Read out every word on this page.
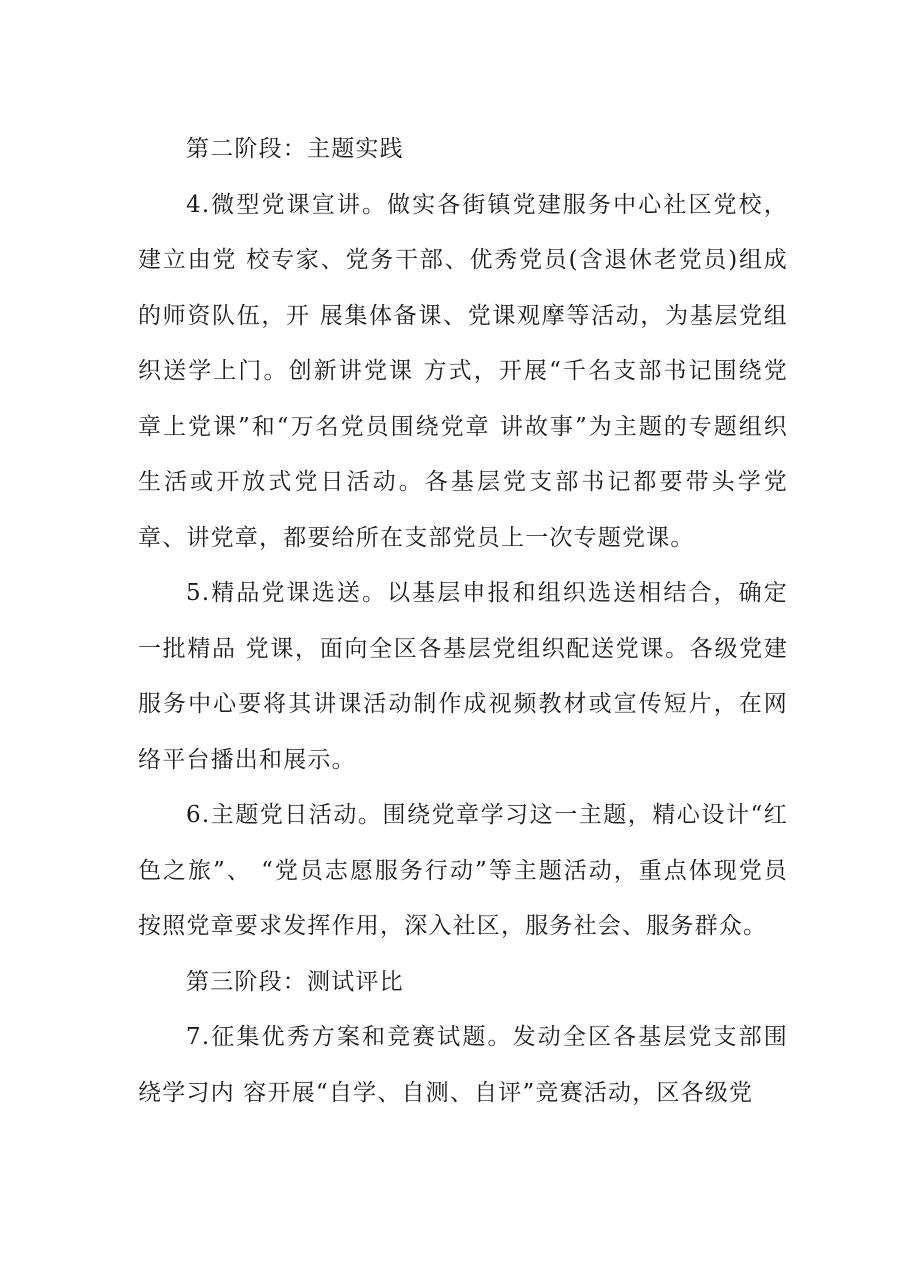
第二阶段：主题实践

4.微型党课宣讲。做实各街镇党建服务中心社区党校，建立由党 校专家、党务干部、优秀党员(含退休老党员)组成的师资队伍，开 展集体备课、党课观摩等活动，为基层党组织送学上门。创新讲党课 方式，开展“千名支部书记围绕党章上党课”和“万名党员围绕党章 讲故事”为主题的专题组织生活或开放式党日活动。各基层党支部书记都要带头学党章、讲党章，都要给所在支部党员上一次专题党课。

5.精品党课选送。以基层申报和组织选送相结合，确定一批精品 党课，面向全区各基层党组织配送党课。各级党建服务中心要将其讲课活动制作成视频教材或宣传短片，在网络平台播出和展示。

6.主题党日活动。围绕党章学习这一主题，精心设计“红色之旅”、 “党员志愿服务行动”等主题活动，重点体现党员按照党章要求发挥作用，深入社区，服务社会、服务群众。

第三阶段：测试评比

7.征集优秀方案和竞赛试题。发动全区各基层党支部围绕学习内 容开展“自学、自测、自评”竞赛活动，区各级党
